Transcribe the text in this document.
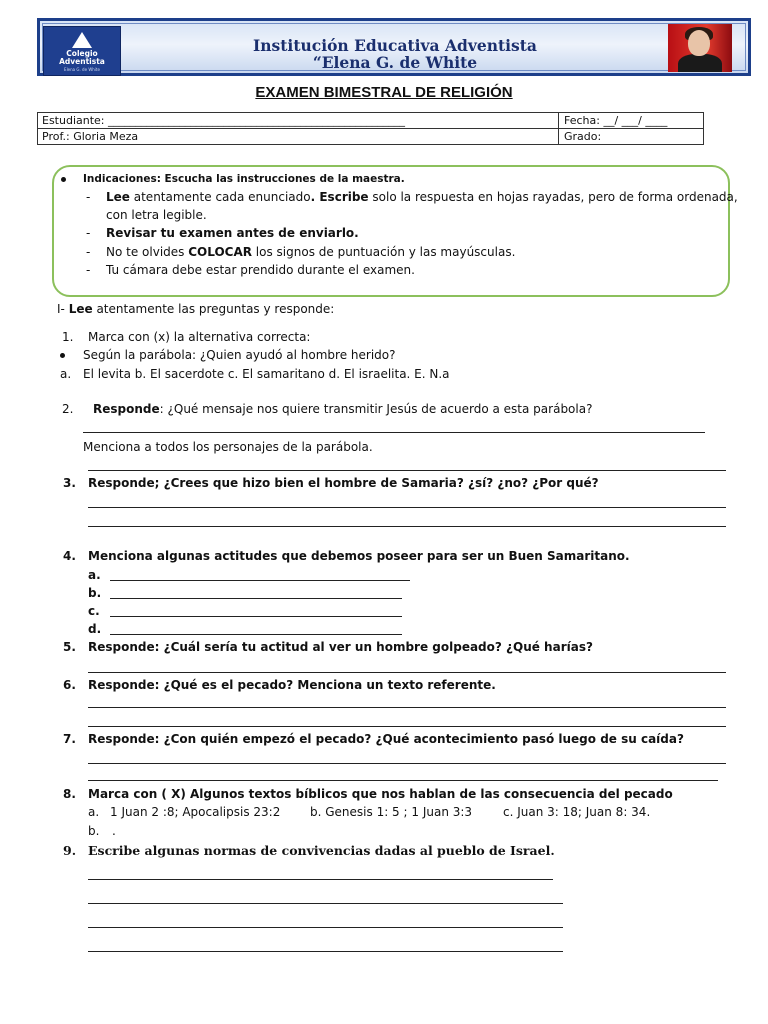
Colegio
Adventista
Elena G. de White
Institución Educativa Adventista
“Elena G. de White
EXAMEN BIMESTRAL DE RELIGIÓN
Estudiante: ______________________________________________________	Fecha: __/ ___/ ____
Prof.: Gloria Meza	Grado:
Indicaciones: Escucha las instrucciones de la maestra.
- Lee atentamente cada enunciado. Escribe solo la respuesta en hojas rayadas, pero de forma ordenada,
con letra legible.
- Revisar tu examen antes de enviarlo.
- No te olvides COLOCAR los signos de puntuación y las mayúsculas.
- Tu cámara debe estar prendido durante el examen.
I- Lee atentamente las preguntas y responde:
1. Marca con (x) la alternativa correcta:
Según la parábola: ¿Quien ayudó al hombre herido?
a. El levita b. El sacerdote c. El samaritano d. El israelita. E. N.a
2. Responde: ¿Qué mensaje nos quiere transmitir Jesús de acuerdo a esta parábola?
Menciona a todos los personajes de la parábola.
3. Responde; ¿Crees que hizo bien el hombre de Samaria? ¿sí? ¿no? ¿Por qué?
4. Menciona algunas actitudes que debemos poseer para ser un Buen Samaritano.
a.
b.
c.
d.
5. Responde: ¿Cuál sería tu actitud al ver un hombre golpeado? ¿Qué harías?
6. Responde: ¿Qué es el pecado? Menciona un texto referente.
7. Responde: ¿Con quién empezó el pecado? ¿Qué acontecimiento pasó luego de su caída?
8. Marca con ( X) Algunos textos bíblicos que nos hablan de las consecuencia del pecado
a. 1 Juan 2 :8; Apocalipsis 23:2 b. Genesis 1: 5 ; 1 Juan 3:3	c. Juan 3: 18; Juan 8: 34.
b. .
9. Escribe algunas normas de convivencias dadas al pueblo de Israel.
